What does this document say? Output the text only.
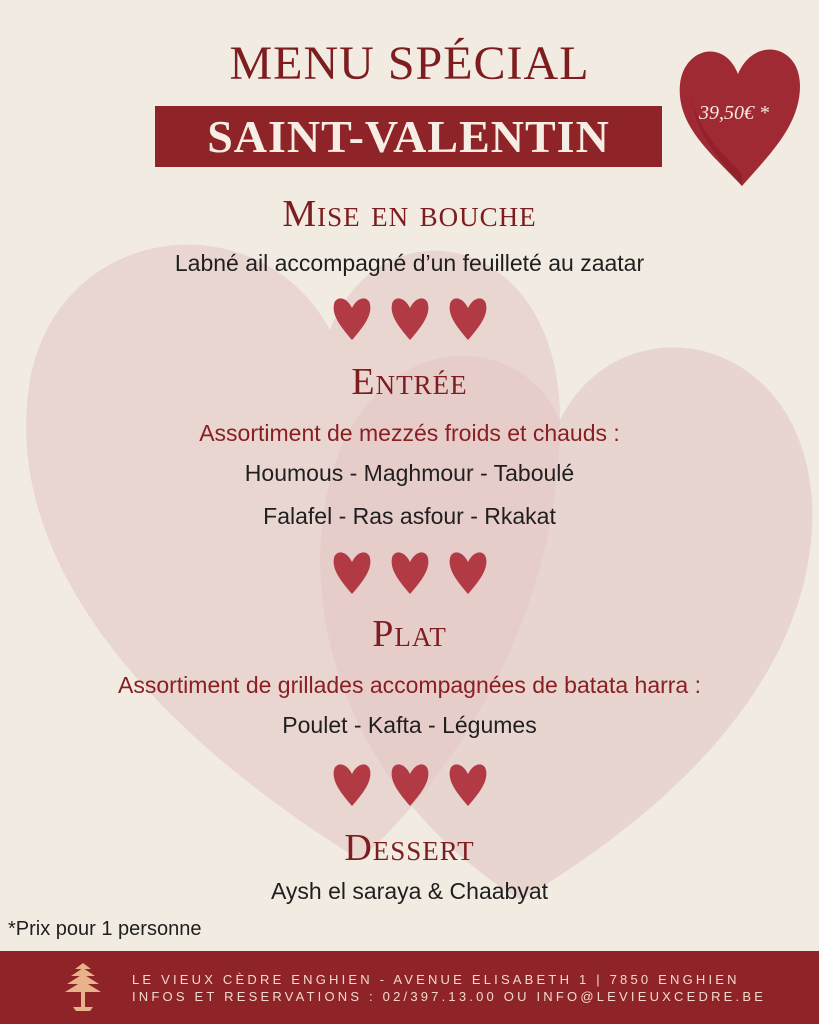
MENU SPÉCIAL
SAINT-VALENTIN	39,50€ *
Mise en bouche
Labné ail accompagné d’un feuilleté au zaatar
Entrée
Assortiment de mezzés froids et chauds :
Houmous - Maghmour - Taboulé
Falafel - Ras asfour - Rkakat
Plat
Assortiment de grillades accompagnées de batata harra :
Poulet - Kafta - Légumes
Dessert
Aysh el saraya & Chaabyat
*Prix pour 1 personne
LE VIEUX CÈDRE ENGHIEN - AVENUE ELISABETH 1 | 7850 ENGHIEN
INFOS ET RESERVATIONS : 02/397.13.00 OU INFO@LEVIEUXCEDRE.BE
